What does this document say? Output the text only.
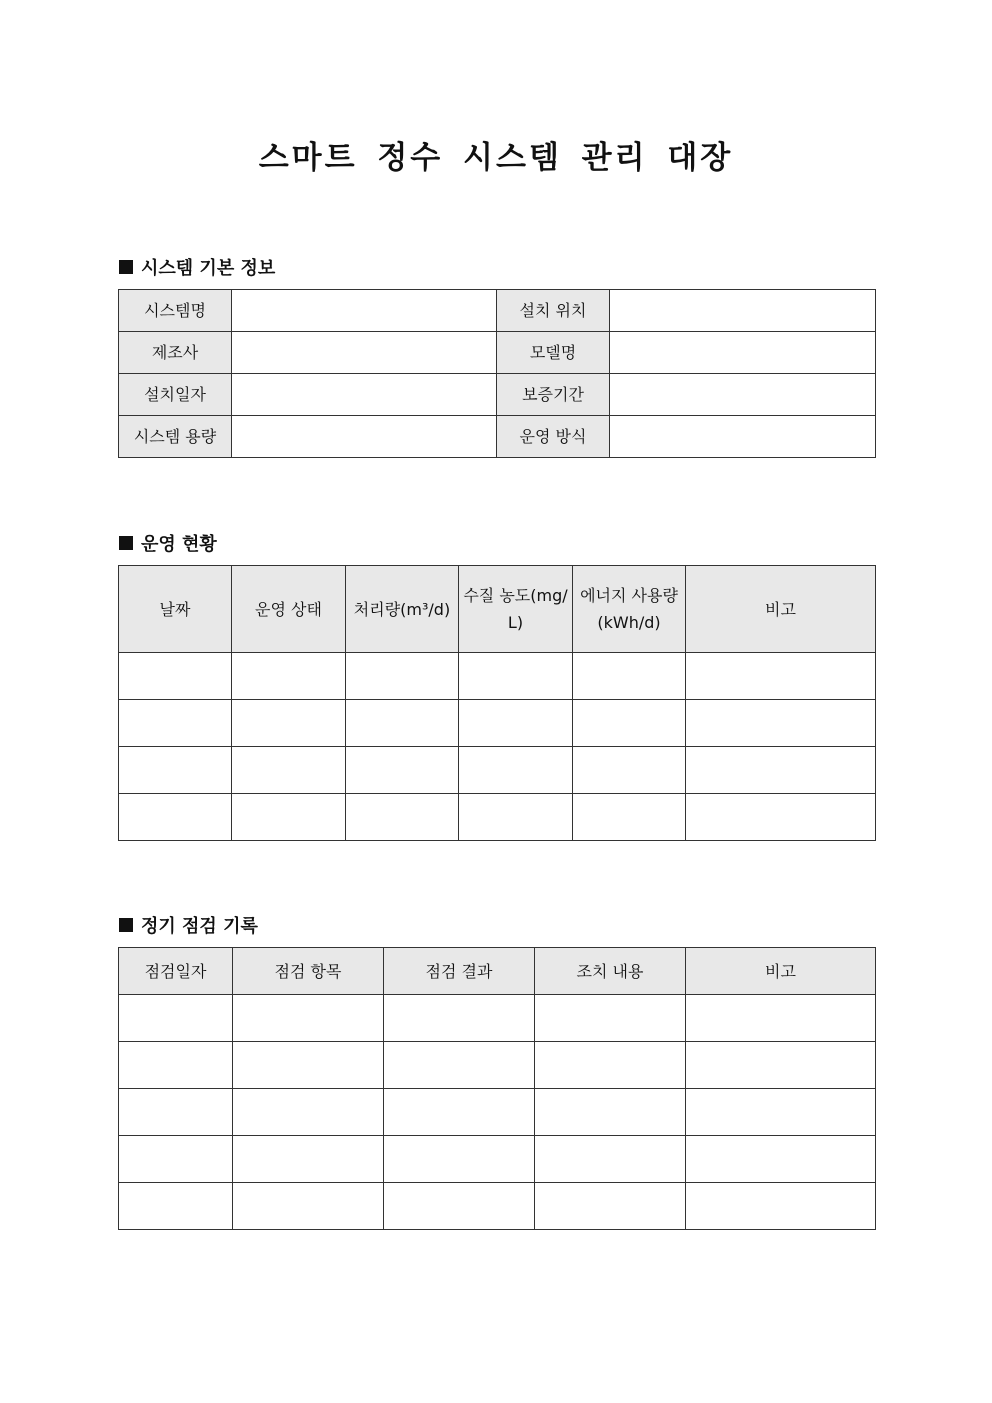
스마트 정수 시스템 관리 대장
시스템 기본 정보
시스템명		설치 위치	
제조사		모델명	
설치일자		보증기간	
시스템 용량		운영 방식	
운영 현황
날짜	운영 상태	처리량(m³/d)	수질 농도(mg/L)	에너지 사용량(kWh/d)	비고

정기 점검 기록
점검일자	점검 항목	점검 결과	조치 내용	비고
